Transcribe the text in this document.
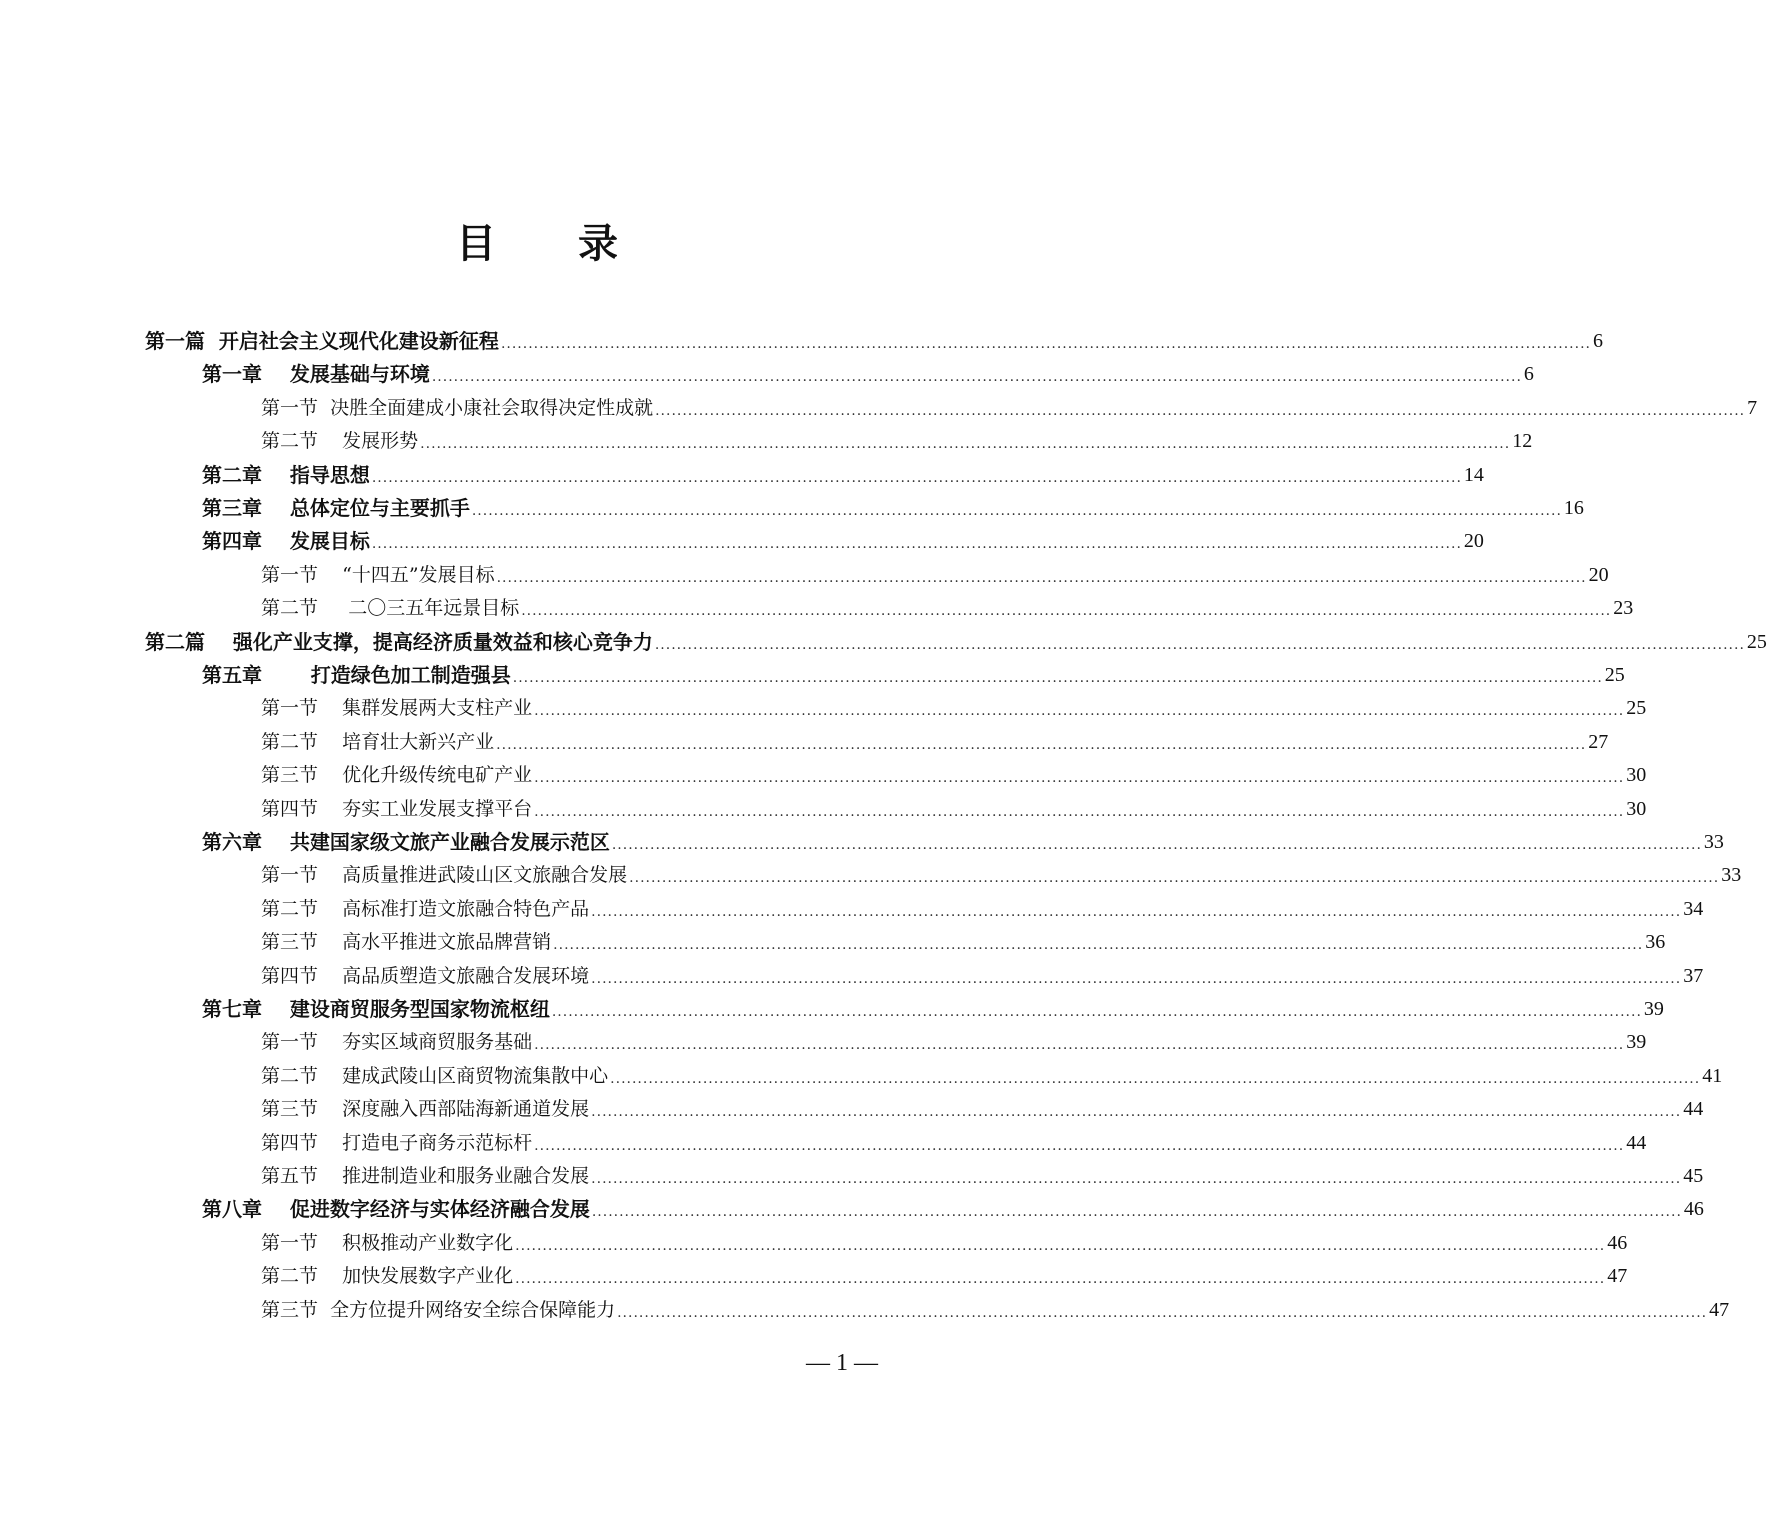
目 录
第一篇  开启社会主义现代化建设新征程 ........................................................................................................................................................................................................ 6
第一章    发展基础与环境 ........................................................................................................................................................................................................ 6
第一节  决胜全面建成小康社会取得决定性成就 ........................................................................................................................................................................................................ 7
第二节    发展形势 ........................................................................................................................................................................................................ 12
第二章    指导思想 ........................................................................................................................................................................................................ 14
第三章    总体定位与主要抓手 ........................................................................................................................................................................................................ 16
第四章    发展目标 ........................................................................................................................................................................................................ 20
第一节    “十四五”发展目标 ........................................................................................................................................................................................................ 20
第二节     二〇三五年远景目标 ........................................................................................................................................................................................................ 23
第二篇    强化产业支撑，提高经济质量效益和核心竞争力 ........................................................................................................................................................................................................ 25
第五章       打造绿色加工制造强县 ........................................................................................................................................................................................................ 25
第一节    集群发展两大支柱产业 ........................................................................................................................................................................................................ 25
第二节    培育壮大新兴产业 ........................................................................................................................................................................................................ 27
第三节    优化升级传统电矿产业 ........................................................................................................................................................................................................ 30
第四节    夯实工业发展支撑平台 ........................................................................................................................................................................................................ 30
第六章    共建国家级文旅产业融合发展示范区 ........................................................................................................................................................................................................ 33
第一节    高质量推进武陵山区文旅融合发展 ........................................................................................................................................................................................................ 33
第二节    高标准打造文旅融合特色产品 ........................................................................................................................................................................................................ 34
第三节    高水平推进文旅品牌营销 ........................................................................................................................................................................................................ 36
第四节    高品质塑造文旅融合发展环境 ........................................................................................................................................................................................................ 37
第七章    建设商贸服务型国家物流枢纽 ........................................................................................................................................................................................................ 39
第一节    夯实区域商贸服务基础 ........................................................................................................................................................................................................ 39
第二节    建成武陵山区商贸物流集散中心 ........................................................................................................................................................................................................ 41
第三节    深度融入西部陆海新通道发展 ........................................................................................................................................................................................................ 44
第四节    打造电子商务示范标杆 ........................................................................................................................................................................................................ 44
第五节    推进制造业和服务业融合发展 ........................................................................................................................................................................................................ 45
第八章    促进数字经济与实体经济融合发展 ........................................................................................................................................................................................................ 46
第一节    积极推动产业数字化 ........................................................................................................................................................................................................ 46
第二节    加快发展数字产业化 ........................................................................................................................................................................................................ 47
第三节  全方位提升网络安全综合保障能力 ........................................................................................................................................................................................................ 47
— 1 —
